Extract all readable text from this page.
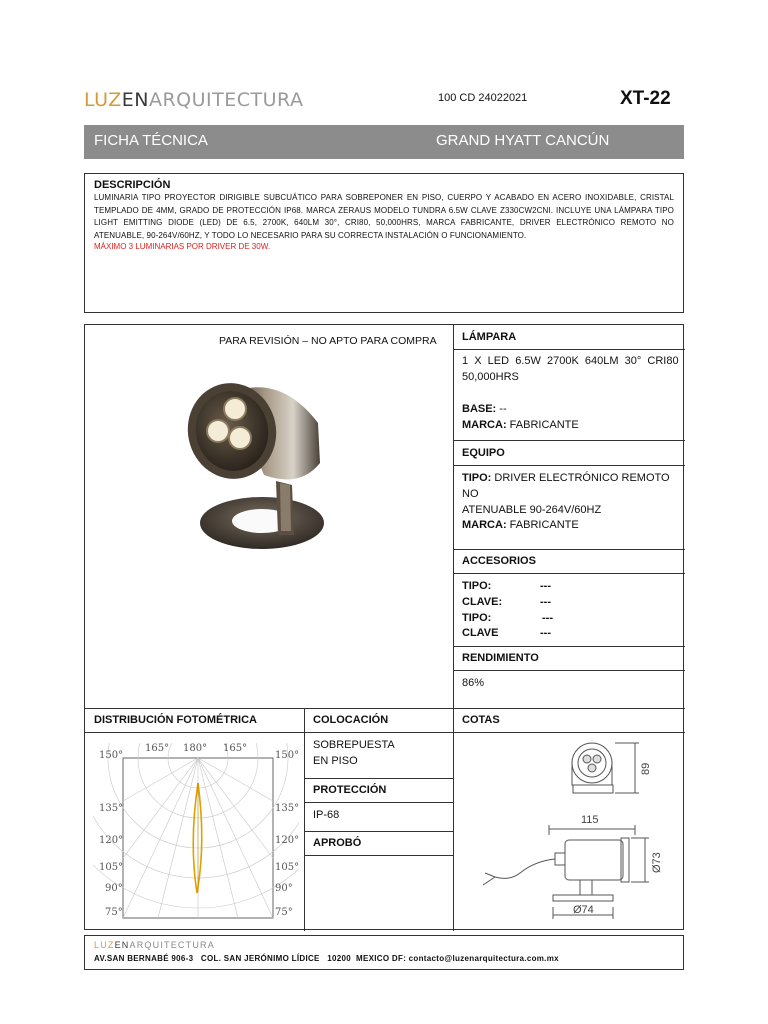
LUZENARQUITECTURA	100 CD 24022021	XT-22
FICHA TÉCNICA	GRAND HYATT CANCÚN
DESCRIPCIÓN
LUMINARIA TIPO PROYECTOR DIRIGIBLE SUBCUÁTICO PARA SOBREPONER EN PISO, CUERPO Y ACABADO EN ACERO INOXIDABLE, CRISTAL TEMPLADO DE 4MM, GRADO DE PROTECCIÓN IP68. MARCA ZERAUS MODELO TUNDRA 6.5W CLAVE Z330CW2CNI. INCLUYE UNA LÁMPARA TIPO LIGHT EMITTING DIODE (LED) DE 6.5, 2700K, 640LM 30°, CRI80, 50,000HRS, MARCA FABRICANTE, DRIVER ELECTRÓNICO REMOTO NO ATENUABLE, 90-264V/60HZ, Y TODO LO NECESARIO PARA SU CORRECTA INSTALACIÓN O FUNCIONAMIENTO.
MÁXIMO 3 LUMINARIAS POR DRIVER DE 30W.
PARA REVISIÓN – NO APTO PARA COMPRA LÁMPARA
1  X  LED  6.5W  2700K  640LM  30°  CRI80
50,000HRS
BASE: --
MARCA: FABRICANTE
EQUIPO
TIPO: DRIVER ELECTRÓNICO REMOTO NO
ATENUABLE 90-264V/60HZ
MARCA: FABRICANTE
ACCESORIOS
TIPO:	---
CLAVE:	---
TIPO:	---
CLAVE	---
RENDIMIENTO
86%
DISTRIBUCIÓN FOTOMÉTRICA	COLOCACIÓN	COTAS
SOBREPUESTA
EN PISO
PROTECCIÓN
IP-68
APROBÓ
150°
165° 180° 165°
150°
135°
120°
105°
90°
75°
135°
120°
105°
90°
75°
89
115
Ø73
Ø74
LUZENARQUITECTURA
AV.SAN BERNABÉ 906-3   COL. SAN JERÓNIMO LÍDICE   10200  MEXICO DF: contacto@luzenarquitectura.com.mx
